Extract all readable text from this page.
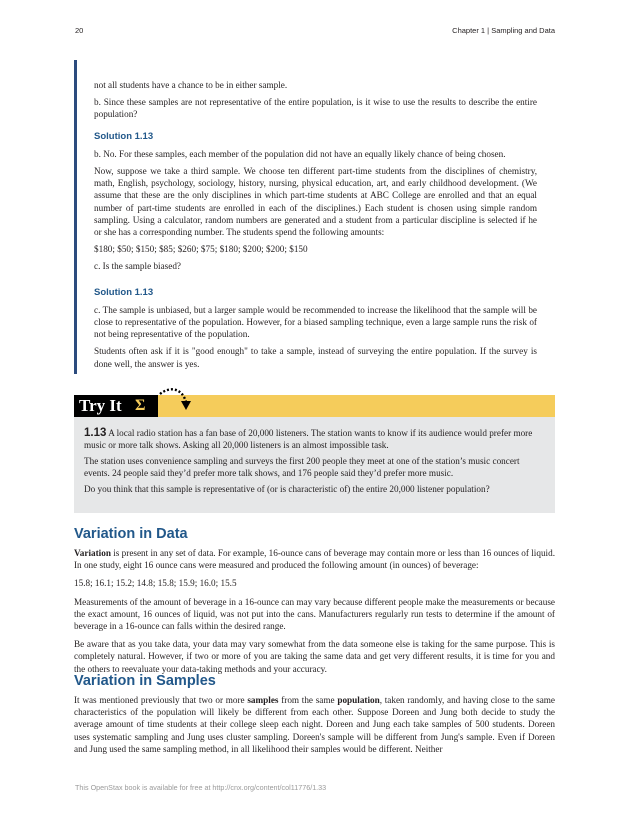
20	Chapter 1 | Sampling and Data

not all students have a chance to be in either sample.

b. Since these samples are not representative of the entire population, is it wise to use the results to describe the entire population?

Solution 1.13

b. No. For these samples, each member of the population did not have an equally likely chance of being chosen.

Now, suppose we take a third sample. We choose ten different part-time students from the disciplines of chemistry, math, English, psychology, sociology, history, nursing, physical education, art, and early childhood development. (We assume that these are the only disciplines in which part-time students at ABC College are enrolled and that an equal number of part-time students are enrolled in each of the disciplines.) Each student is chosen using simple random sampling. Using a calculator, random numbers are generated and a student from a particular discipline is selected if he or she has a corresponding number. The students spend the following amounts:

$180; $50; $150; $85; $260; $75; $180; $200; $200; $150

c. Is the sample biased?

Solution 1.13

c. The sample is unbiased, but a larger sample would be recommended to increase the likelihood that the sample will be close to representative of the population. However, for a biased sampling technique, even a large sample runs the risk of not being representative of the population.

Students often ask if it is "good enough" to take a sample, instead of surveying the entire population. If the survey is done well, the answer is yes.

Try It Σ

1.13 A local radio station has a fan base of 20,000 listeners. The station wants to know if its audience would prefer more music or more talk shows. Asking all 20,000 listeners is an almost impossible task.

The station uses convenience sampling and surveys the first 200 people they meet at one of the station’s music concert events. 24 people said they’d prefer more talk shows, and 176 people said they’d prefer more music.

Do you think that this sample is representative of (or is characteristic of) the entire 20,000 listener population?

Variation in Data

Variation is present in any set of data. For example, 16-ounce cans of beverage may contain more or less than 16 ounces of liquid. In one study, eight 16 ounce cans were measured and produced the following amount (in ounces) of beverage:

15.8; 16.1; 15.2; 14.8; 15.8; 15.9; 16.0; 15.5

Measurements of the amount of beverage in a 16-ounce can may vary because different people make the measurements or because the exact amount, 16 ounces of liquid, was not put into the cans. Manufacturers regularly run tests to determine if the amount of beverage in a 16-ounce can falls within the desired range.

Be aware that as you take data, your data may vary somewhat from the data someone else is taking for the same purpose. This is completely natural. However, if two or more of you are taking the same data and get very different results, it is time for you and the others to reevaluate your data-taking methods and your accuracy.

Variation in Samples

It was mentioned previously that two or more samples from the same population, taken randomly, and having close to the same characteristics of the population will likely be different from each other. Suppose Doreen and Jung both decide to study the average amount of time students at their college sleep each night. Doreen and Jung each take samples of 500 students. Doreen uses systematic sampling and Jung uses cluster sampling. Doreen's sample will be different from Jung's sample. Even if Doreen and Jung used the same sampling method, in all likelihood their samples would be different. Neither

This OpenStax book is available for free at http://cnx.org/content/col11776/1.33
